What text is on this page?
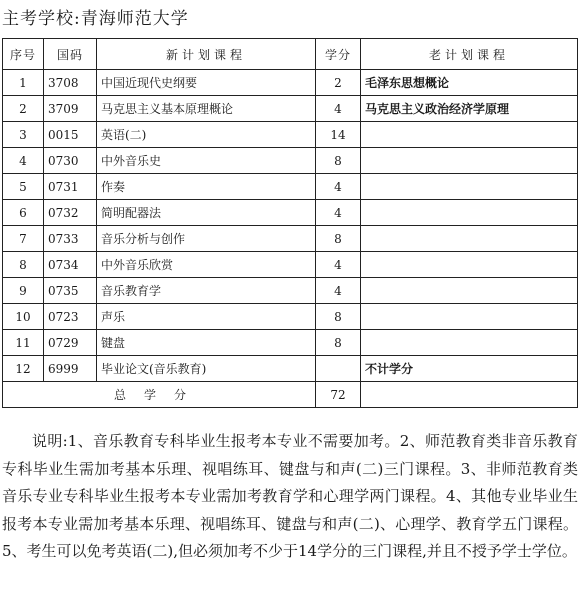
主考学校:青海师范大学
序号	国码	新计划课程	学分	老计划课程
1	3708	中国近现代史纲要	2	毛泽东思想概论
2	3709	马克思主义基本原理概论	4	马克思主义政治经济学原理
3	0015	英语(二)	14	
4	0730	中外音乐史	8	
5	0731	作奏	4	
6	0732	简明配器法	4	
7	0733	音乐分析与创作	8	
8	0734	中外音乐欣赏	4	
9	0735	音乐教育学	4	
10	0723	声乐	8	
11	0729	键盘	8	
12	6999	毕业论文(音乐教育)		不计学分
总学分			72	
说明:1、音乐教育专科毕业生报考本专业不需要加考。2、师范教育类非音乐教育专科毕业生需加考基本乐理、视唱练耳、键盘与和声(二)三门课程。3、非师范教育类音乐专业专科毕业生报考本专业需加考教育学和心理学两门课程。4、其他专业毕业生报考本专业需加考基本乐理、视唱练耳、键盘与和声(二)、心理学、教育学五门课程。5、考生可以免考英语(二),但必须加考不少于14学分的三门课程,并且不授予学士学位。
